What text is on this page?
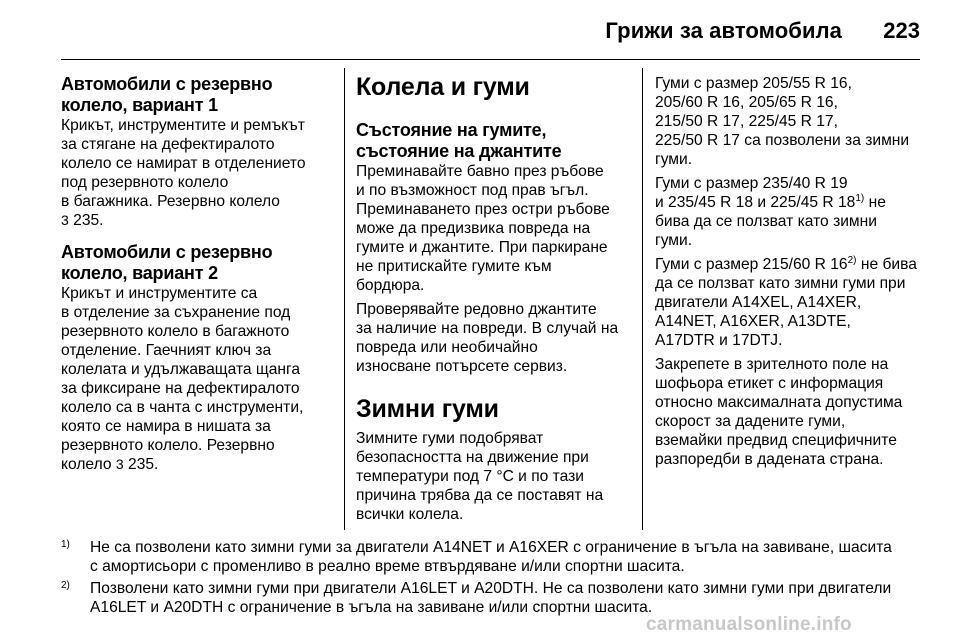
Грижи за автомобила 223
Автомобили с резервно
колело, вариант 1

Крикът, инструментите и ремъкът
за стягане на дефектиралото
колело се намират в отделението
под резервното колело
в багажника. Резервно колело
3 235.

Автомобили с резервно
колело, вариант 2

Крикът и инструментите са
в отделение за съхранение под
резервното колело в багажното
отделение. Гаечният ключ за
колелата и удължаващата щанга
за фиксиране на дефектиралото
колело са в чанта с инструменти,
която се намира в нишата за
резервното колело. Резервно
колело 3 235.

Колела и гуми
Състояние на гумите,
състояние на джантите

Преминавайте бавно през ръбове
и по възможност под прав ъгъл.
Преминаването през остри ръбове
може да предизвика повреда на
гумите и джантите. При паркиране
не притискайте гумите към
бордюра.

Проверявайте редовно джантите
за наличие на повреди. В случай на
повреда или необичайно
износване потърсете сервиз.

Зимни гуми

Зимните гуми подобряват
безопасността на движение при
температури под 7 °C и по тази
причина трябва да се поставят на
всички колела.

Гуми с размер 205/55 R 16,
205/60 R 16, 205/65 R 16,
215/50 R 17, 225/45 R 17,
225/50 R 17 са позволени за зимни
гуми.

Гуми с размер 235/40 R 19
и 235/45 R 18 и 225/45 R 18$^{1)}$ не
бива да се ползват като зимни
гуми.

Гуми с размер 215/60 R 16$^{2)}$ не бива
да се ползват като зимни гуми при
двигатели A14XEL, A14XER,
A14NET, A16XER, A13DTE,
A17DTR и 17DTJ.

Закрепете в зрителното поле на
шофьора етикет с информация
относно максималната допустима
скорост за дадените гуми,
вземайки предвид специфичните
разпоредби в дадената страна.

1) Не са позволени като зимни гуми за двигатели A14NET и A16XER с ограничение в ъгъла на завиване, шасита
с амортисьори с променливо в реално време втвърдяване и/или спортни шасита.
2) Позволени като зимни гуми при двигатели A16LET и A20DTH. Не са позволени като зимни гуми при двигатели
A16LET и A20DTH с ограничение в ъгъла на завиване и/или спортни шасита.
carmanualsonline.info
